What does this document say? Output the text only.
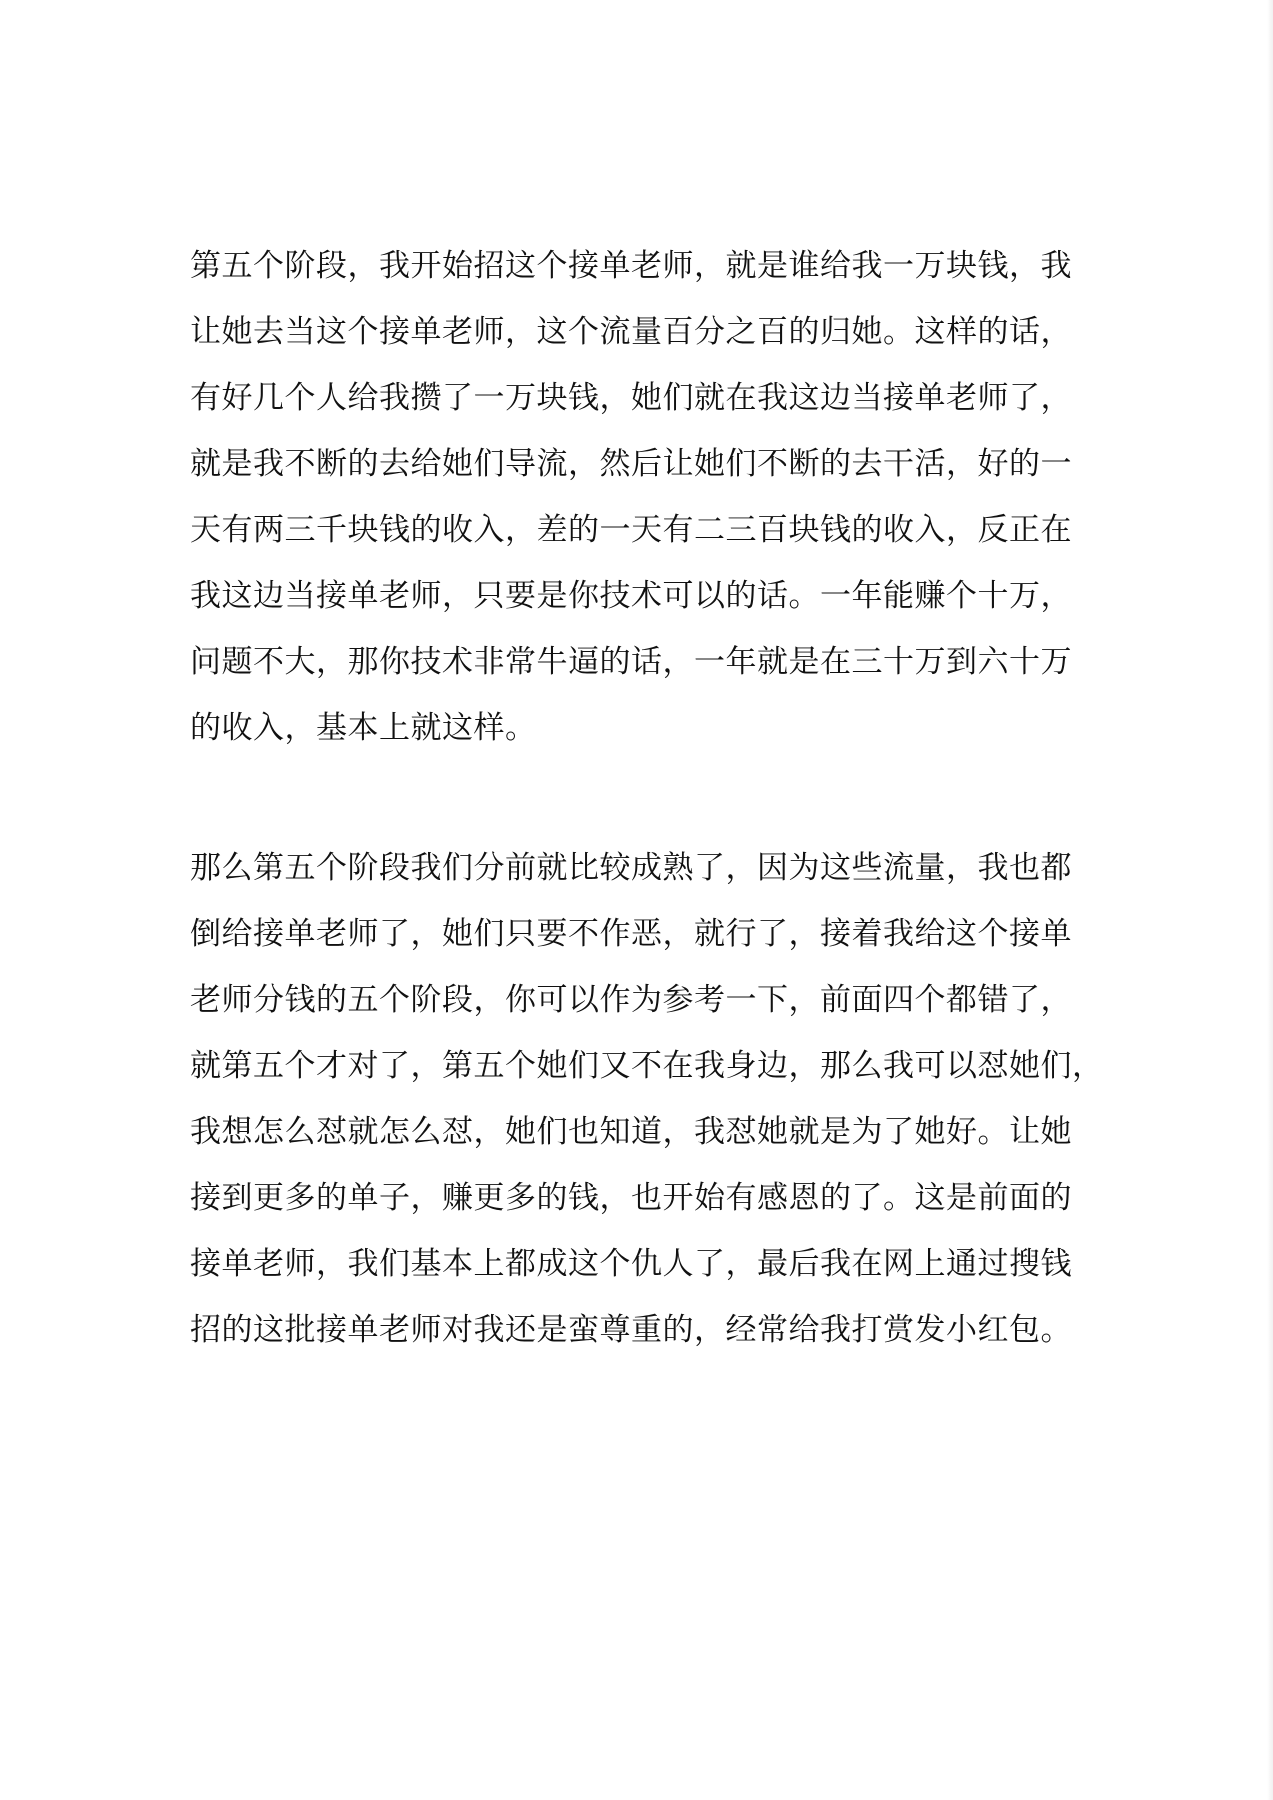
第五个阶段，我开始招这个接单老师，就是谁给我一万块钱，我
让她去当这个接单老师，这个流量百分之百的归她。这样的话，
有好几个人给我攒了一万块钱，她们就在我这边当接单老师了，
就是我不断的去给她们导流，然后让她们不断的去干活，好的一
天有两三千块钱的收入，差的一天有二三百块钱的收入，反正在
我这边当接单老师，只要是你技术可以的话。一年能赚个十万，
问题不大，那你技术非常牛逼的话，一年就是在三十万到六十万
的收入，基本上就这样。
那么第五个阶段我们分前就比较成熟了，因为这些流量，我也都
倒给接单老师了，她们只要不作恶，就行了，接着我给这个接单
老师分钱的五个阶段，你可以作为参考一下，前面四个都错了，
就第五个才对了，第五个她们又不在我身边，那么我可以怼她们，
我想怎么怼就怎么怼，她们也知道，我怼她就是为了她好。让她
接到更多的单子，赚更多的钱，也开始有感恩的了。这是前面的
接单老师，我们基本上都成这个仇人了，最后我在网上通过搜钱
招的这批接单老师对我还是蛮尊重的，经常给我打赏发小红包。
